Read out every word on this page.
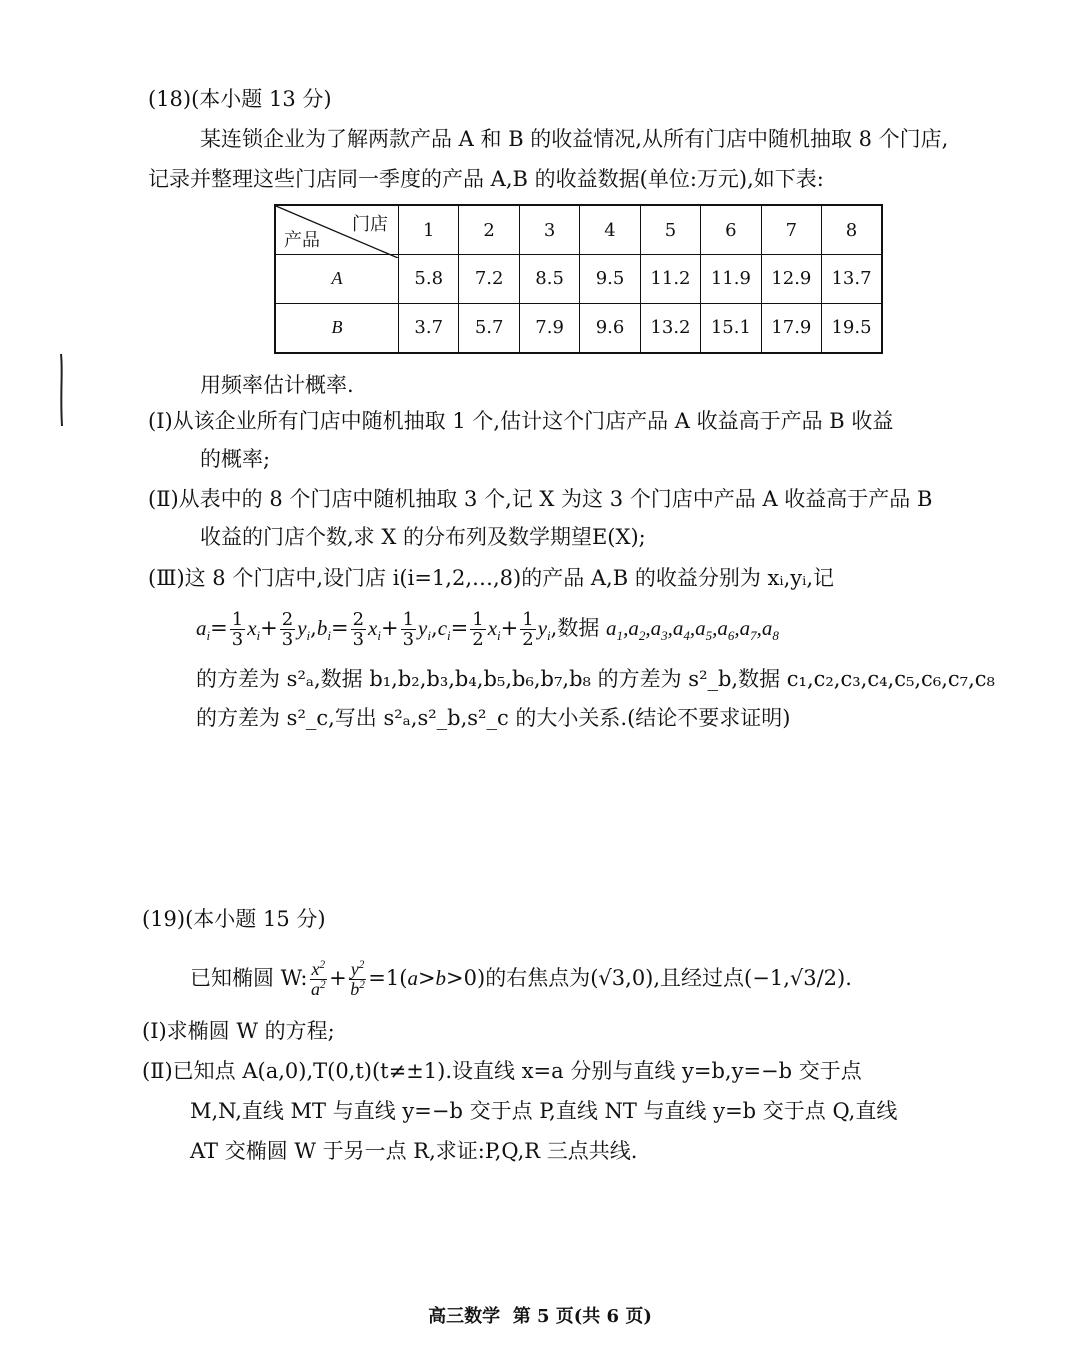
(18)(本小题 13 分)
某连锁企业为了解两款产品 A 和 B 的收益情况,从所有门店中随机抽取 8 个门店,
记录并整理这些门店同一季度的产品 A,B 的收益数据(单位:万元),如下表:
门店
产品	1	2	3	4	5	6	7	8
A	5.8	7.2	8.5	9.5	11.2	11.9	12.9	13.7
B	3.7	5.7	7.9	9.6	13.2	15.1	17.9	19.5
用频率估计概率.
(Ⅰ)从该企业所有门店中随机抽取 1 个,估计这个门店产品 A 收益高于产品 B 收益
的概率;
(Ⅱ)从表中的 8 个门店中随机抽取 3 个,记 X 为这 3 个门店中产品 A 收益高于产品 B
收益的门店个数,求 X 的分布列及数学期望E(X);
(Ⅲ)这 8 个门店中,设门店 i(i=1,2,…,8)的产品 A,B 的收益分别为 xᵢ,yᵢ,记
$a_i= \frac{1}{3} x_i+ \frac{2}{3} y_i,b_i= \frac{2}{3} x_i+ \frac{1}{3} y_i,c_i= \frac{1}{2} x_i+ \frac{1}{2} y_i$,数据 $a_1,a_2,a_3,a_4,a_5,a_6,a_7,a_8$
的方差为 s²ₐ,数据 b₁,b₂,b₃,b₄,b₅,b₆,b₇,b₈ 的方差为 s²_b,数据 c₁,c₂,c₃,c₄,c₅,c₆,c₇,c₈
的方差为 s²_c,写出 s²ₐ,s²_b,s²_c 的大小关系.(结论不要求证明)
(19)(本小题 15 分)
已知椭圆 W: $\frac{x^2}{a^2} + \frac{y^2}{b^2} =1(a>b>0)$的右焦点为(√3,0),且经过点(−1,√3/2).
(Ⅰ)求椭圆 W 的方程;
(Ⅱ)已知点 A(a,0),T(0,t)(t≠±1).设直线 x=a 分别与直线 y=b,y=−b 交于点
M,N,直线 MT 与直线 y=−b 交于点 P,直线 NT 与直线 y=b 交于点 Q,直线
AT 交椭圆 W 于另一点 R,求证:P,Q,R 三点共线.
高三数学  第 5 页(共 6 页)
